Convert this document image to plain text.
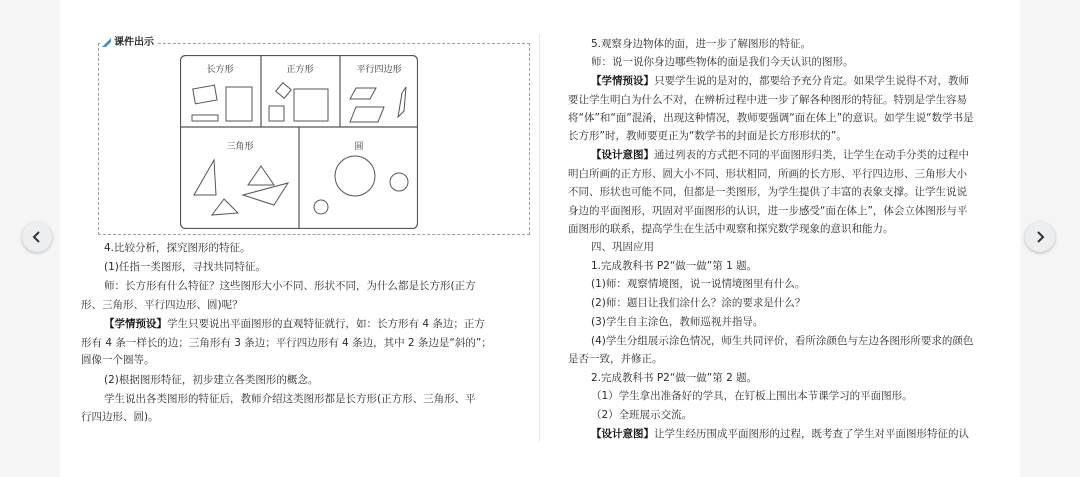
课件出示
长方形	正方形	平行四边形
三角形	圆
4.比较分析，探究图形的特征。
(1)任指一类图形，寻找共同特征。
师：长方形有什么特征？这些图形大小不同、形状不同，为什么都是长方形(正方
形、三角形、平行四边形、圆)呢？
【学情预设】学生只要说出平面图形的直观特征就行，如：长方形有 4 条边；正方
形有 4 条一样长的边；三角形有 3 条边；平行四边形有 4 条边，其中 2 条边是“斜的”；
圆像一个圈等。
(2)根据图形特征，初步建立各类图形的概念。
学生说出各类图形的特征后，教师介绍这类图形都是长方形(正方形、三角形、平
行四边形、圆)。
5.观察身边物体的面，进一步了解图形的特征。
师：说一说你身边哪些物体的面是我们今天认识的图形。
【学情预设】只要学生说的是对的，都要给予充分肯定。如果学生说得不对，教师
要让学生明白为什么不对，在辨析过程中进一步了解各种图形的特征。特别是学生容易
将“体”和“面”混淆，出现这种情况，教师要强调“面在体上”的意识。如学生说“数学书是
长方形”时，教师要更正为“数学书的封面是长方形形状的”。
【设计意图】通过列表的方式把不同的平面图形归类，让学生在动手分类的过程中
明白所画的正方形、圆大小不同、形状相同，所画的长方形、平行四边形、三角形大小
不同、形状也可能不同，但都是一类图形，为学生提供了丰富的表象支撑。让学生说说
身边的平面图形，巩固对平面图形的认识，进一步感受“面在体上”，体会立体图形与平
面图形的联系，提高学生在生活中观察和探究数学现象的意识和能力。
四、巩固应用
1.完成教科书 P2“做一做”第 1 题。
(1)师：观察情境图，说一说情境图里有什么。
(2)师：题目让我们涂什么？涂的要求是什么？
(3)学生自主涂色，教师巡视并指导。
(4)学生分组展示涂色情况，师生共同评价，看所涂颜色与左边各图形所要求的颜色
是否一致，并修正。
2.完成教科书 P2“做一做”第 2 题。
（1）学生拿出准备好的学具，在钉板上围出本节课学习的平面图形。
（2）全班展示交流。
【设计意图】让学生经历围成平面图形的过程，既考查了学生对平面图形特征的认
